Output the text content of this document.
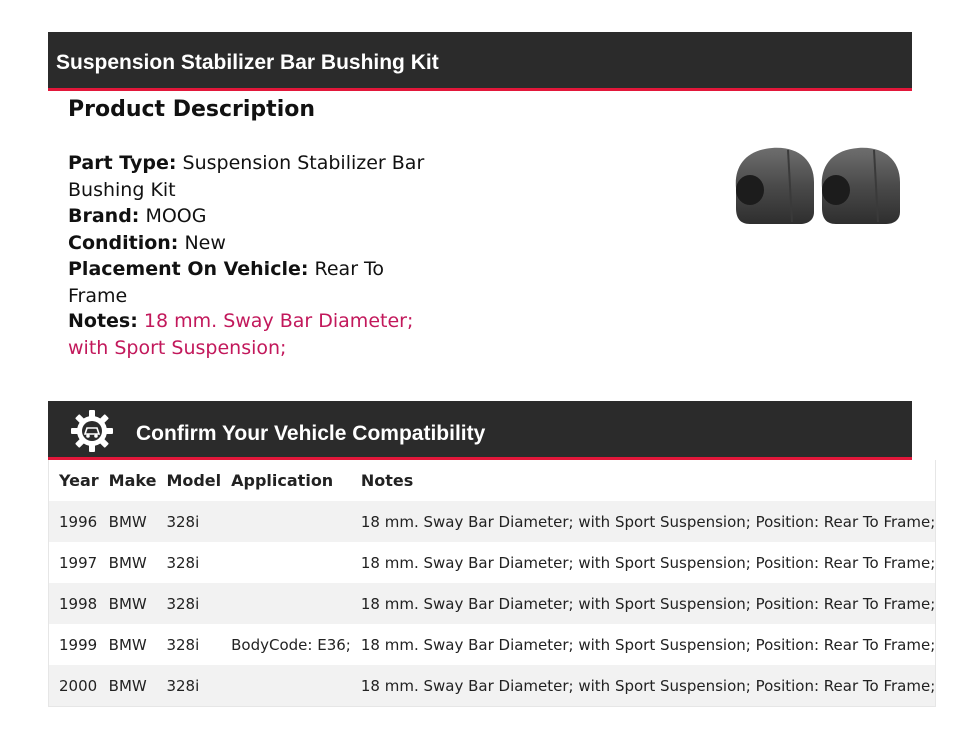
Suspension Stabilizer Bar Bushing Kit
Product Description
Part Type: Suspension Stabilizer Bar Bushing Kit
Brand: MOOG
Condition: New
Placement On Vehicle: Rear To Frame
Notes: 18 mm. Sway Bar Diameter; with Sport Suspension;
Confirm Your Vehicle Compatibility
Year	Make	Model	Application	Notes
1996	BMW	328i		18 mm. Sway Bar Diameter; with Sport Suspension; Position: Rear To Frame;
1997	BMW	328i		18 mm. Sway Bar Diameter; with Sport Suspension; Position: Rear To Frame;
1998	BMW	328i		18 mm. Sway Bar Diameter; with Sport Suspension; Position: Rear To Frame;
1999	BMW	328i	BodyCode: E36;	18 mm. Sway Bar Diameter; with Sport Suspension; Position: Rear To Frame;
2000	BMW	328i		18 mm. Sway Bar Diameter; with Sport Suspension; Position: Rear To Frame;
